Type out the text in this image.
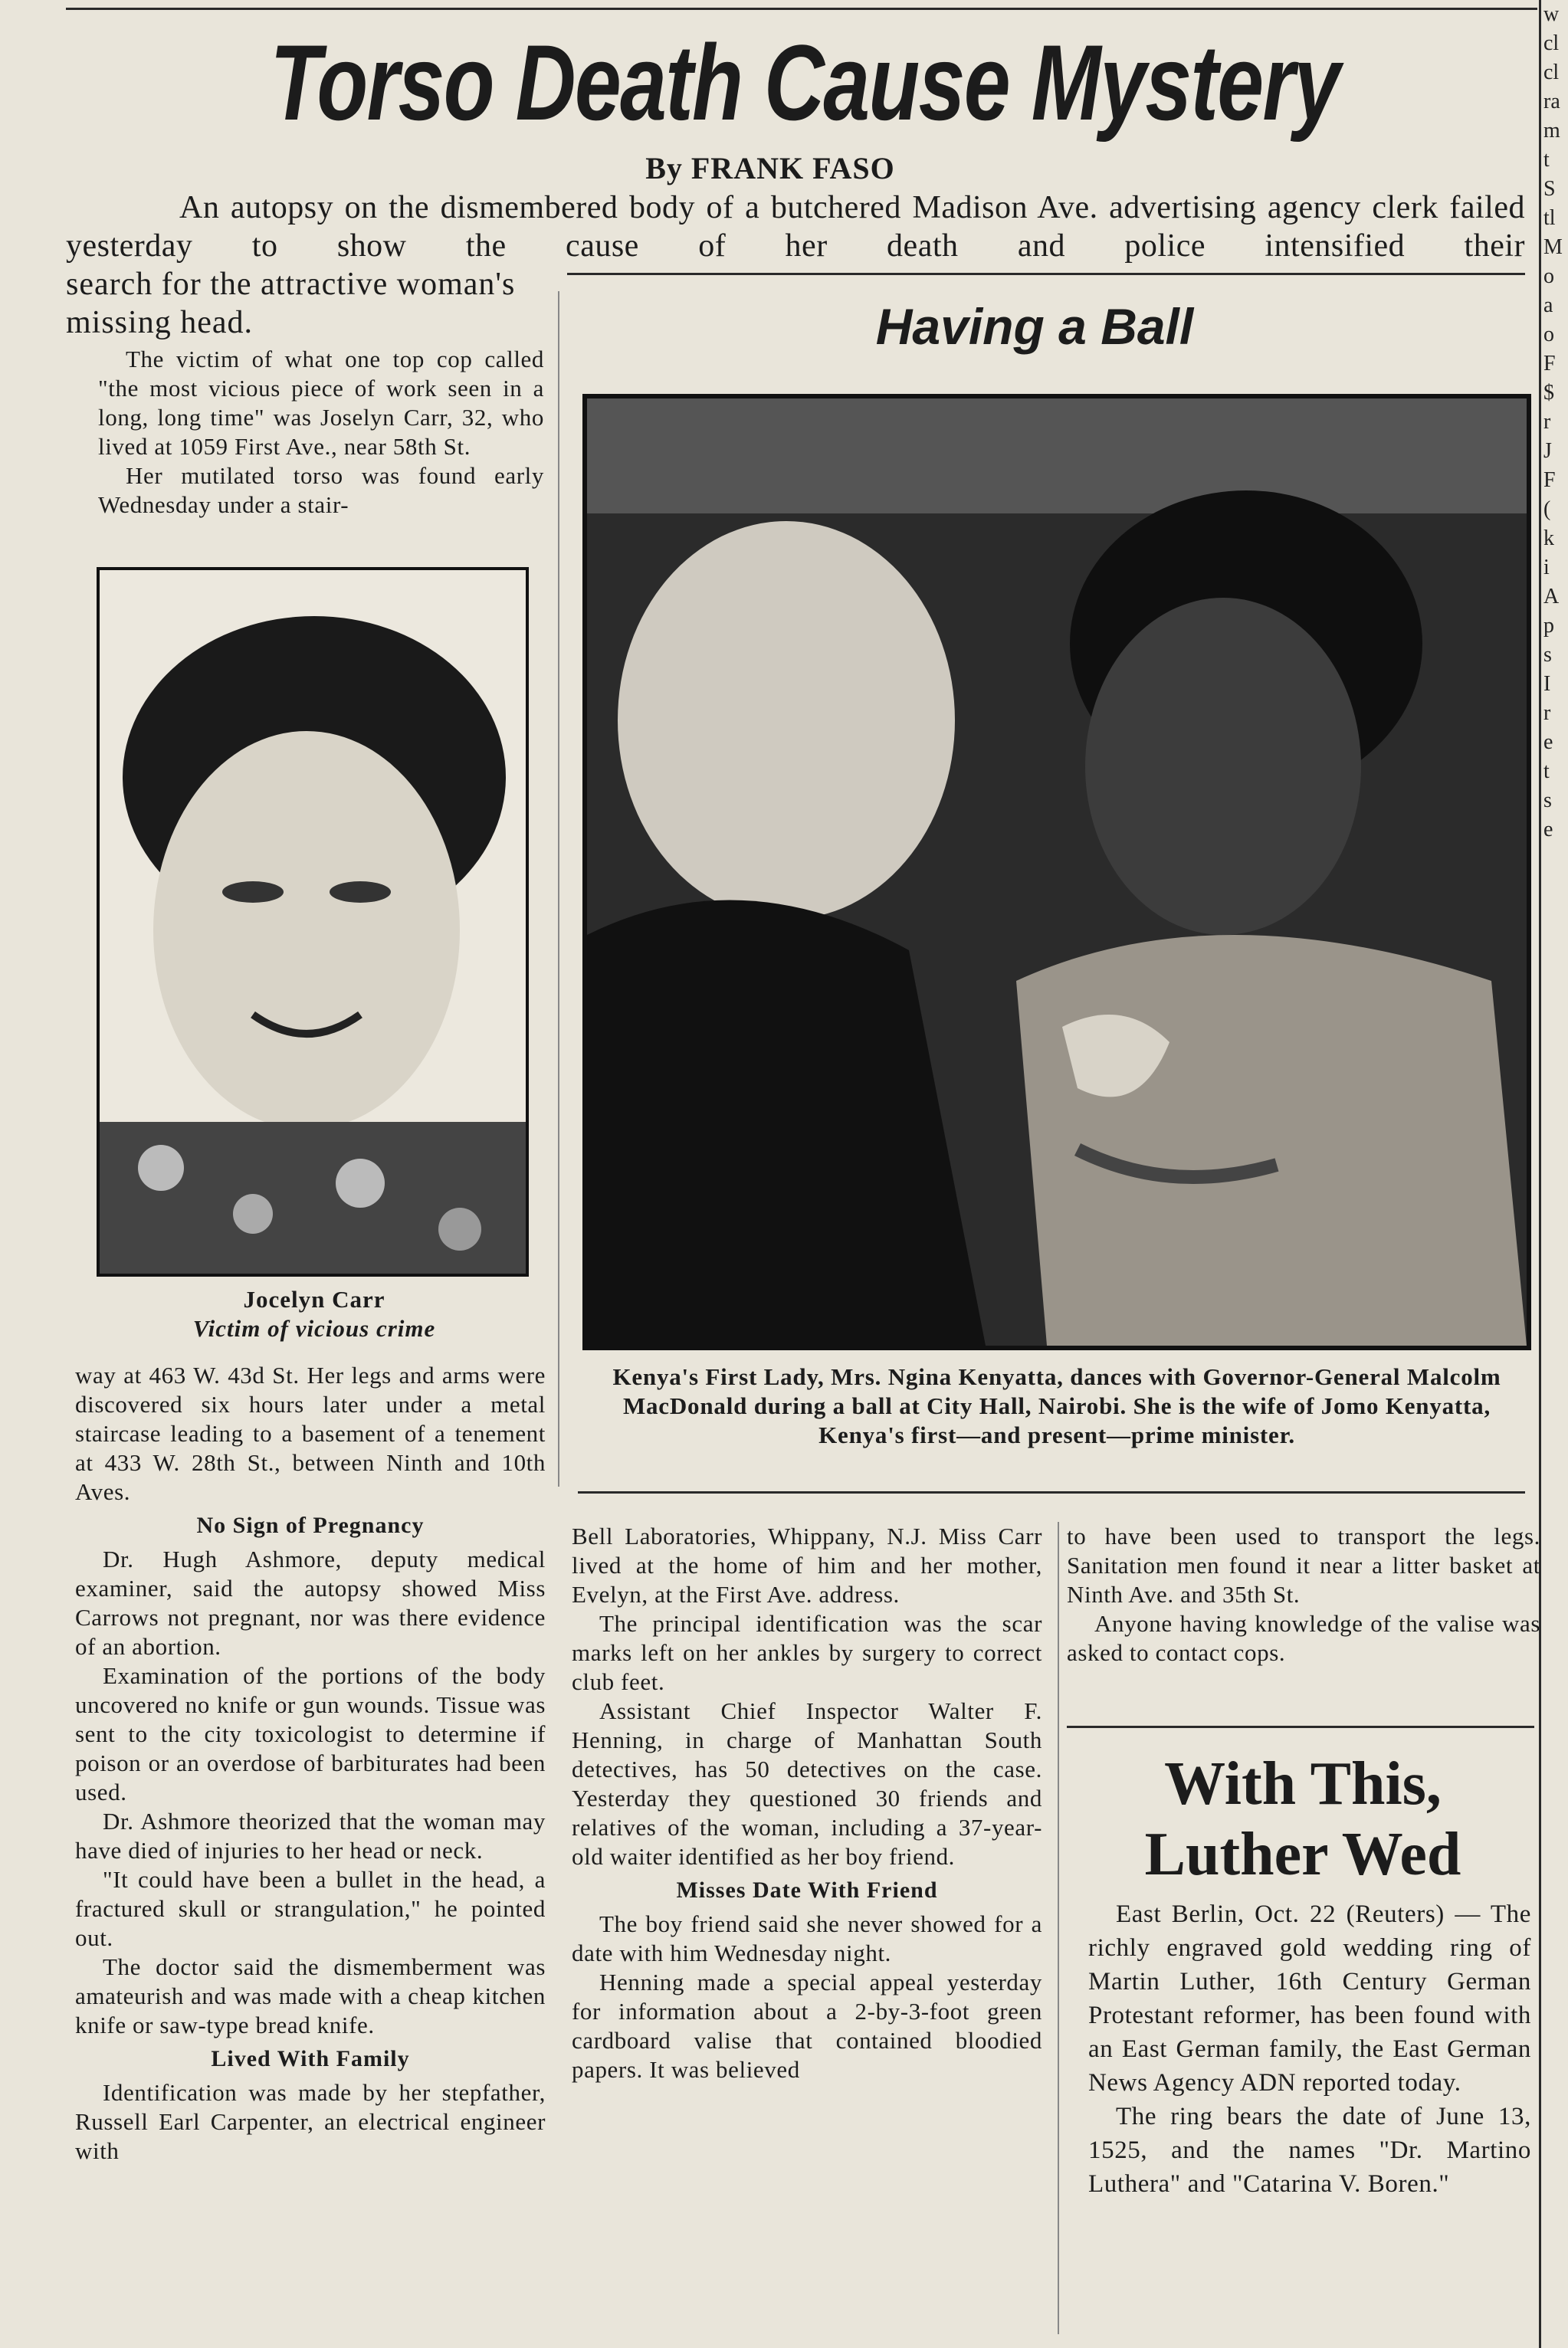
Torso Death Cause Mystery
By FRANK FASO
An autopsy on the dismembered body of a butchered Madison Ave. advertising agency clerk failed yesterday to show the cause of her death and police intensified their
search for the attractive woman's missing head.

The victim of what one top cop called "the most vicious piece of work seen in a long, long time" was Joselyn Carr, 32, who lived at 1059 First Ave., near 58th St.

Her mutilated torso was found early Wednesday under a stair-

Jocelyn Carr
Victim of vicious crime

way at 463 W. 43d St. Her legs and arms were discovered six hours later under a metal staircase leading to a basement of a tenement at 433 W. 28th St., between Ninth and 10th Aves.

No Sign of Pregnancy

Dr. Hugh Ashmore, deputy medical examiner, said the autopsy showed Miss Carrows not pregnant, nor was there evidence of an abortion.

Examination of the portions of the body uncovered no knife or gun wounds. Tissue was sent to the city toxicologist to determine if poison or an overdose of barbiturates had been used.

Dr. Ashmore theorized that the woman may have died of injuries to her head or neck.

"It could have been a bullet in the head, a fractured skull or strangulation," he pointed out.

The doctor said the dismemberment was amateurish and was made with a cheap kitchen knife or saw-type bread knife.

Lived With Family

Identification was made by her stepfather, Russell Earl Carpenter, an electrical engineer with

Having a Ball
Kenya's First Lady, Mrs. Ngina Kenyatta, dances with Governor-General Malcolm MacDonald during a ball at City Hall, Nairobi. She is the wife of Jomo Kenyatta, Kenya's first—and present—prime minister.

Bell Laboratories, Whippany, N.J. Miss Carr lived at the home of him and her mother, Evelyn, at the First Ave. address.

The principal identification was the scar marks left on her ankles by surgery to correct club feet.

Assistant Chief Inspector Walter F. Henning, in charge of Manhattan South detectives, has 50 detectives on the case. Yesterday they questioned 30 friends and relatives of the woman, including a 37-year-old waiter identified as her boy friend.

Misses Date With Friend

The boy friend said she never showed for a date with him Wednesday night.

Henning made a special appeal yesterday for information about a 2-by-3-foot green cardboard valise that contained bloodied papers. It was believed

to have been used to transport the legs. Sanitation men found it near a litter basket at Ninth Ave. and 35th St.

Anyone having knowledge of the valise was asked to contact cops.

With This,
Luther Wed

East Berlin, Oct. 22 (Reuters) — The richly engraved gold wedding ring of Martin Luther, 16th Century German Protestant reformer, has been found with an East German family, the East German News Agency ADN reported today.

The ring bears the date of June 13, 1525, and the names "Dr. Martino Luthera" and "Catarina V. Boren."

w
cl
cl
ra
m
t
S
tl
M
o
a
o
F
$
r
J
F
(
k
i
A
p
s
I
r
e
t
s
e
